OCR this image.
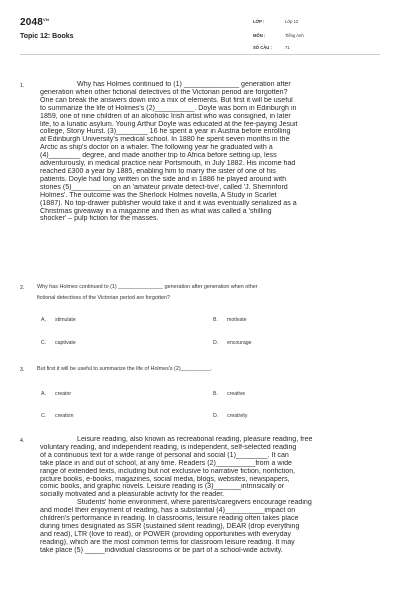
$2048^{VN}$
Topic 12: Books
LỚP :	Lớp 12
MÔN :	Tiếng Anh
SỐ CÂU :	71
1.	Why has Holmes continued to (1) ______________ generation after
generation when other fictional detectives of the Victorian period are forgotten?
One can break the answers down into a mix of elements. But first it will be useful
to summarize the life of Holmes's (2)__________. Doyle was born in Edinburgh in
1859, one of nine children of an alcoholic Irish artist who was consigned, in later
life, to a lunatic asylum. Young Arthur Doyle was educated at the fee-paying Jesuit
college, Stony Hurst. (3)________ 16 he spent a year in Austria before enrolling
at Edinburgh University's medical school. In 1880 he spent seven months in the
Arctic as ship's doctor on a whaler. The following year he graduated with a
(4)________ degree, and made another trip to Africa before setting up, less
adventurously, in medical practice near Portsmouth, in July 1882. His income had
reached £300 a year by 1885, enabling him to marry the sister of one of his
patients. Doyle had long written on the side and in 1886 he played around with
stories (5)__________ on an 'amateur private detect-tive', called 'J. Sherrinford
Holmes'. The outcome was the Sherlock Holmes novella, A Study in Scarlet
(1887). No top-drawer publisher would take it and it was eventually serialized as a
Christmas giveaway in a magazine and then as what was called a 'shilling
shocker' – pulp fiction for the masses.
2. Why has Holmes continued to (1) _______________ generation after generation when other
fictional detectives of the Victorian period are forgotten?
A. stimulate	B. motivate
C. captivate	D. encourage
3. But first it will be useful to summarize the life of Holmes's (2)__________.
A. creator	B. creative
C. creation	D. creativity
4.	Leisure reading, also known as recreational reading, pleasure reading, free
voluntary reading, and independent reading, is independent, self-selected reading
of a continuous text for a wide range of personal and social (1)________. It can
take place in and out of school, at any time. Readers (2)__________from a wide
range of extended texts, including but not exclusive to narrative fiction, nonfiction,
picture books, e-books, magazines, social media, blogs, websites, newspapers,
comic books, and graphic novels. Leisure reading is (3)_______intrinsically or
socially motivated and a pleasurable activity for the reader.
Students' home environment, where parents/caregivers encourage reading
and model their enjoyment of reading, has a substantial (4)__________impact on
children's performance in reading. In classrooms, leisure reading often takes place
during times designated as SSR (sustained silent reading), DEAR (drop everything
and read), LTR (love to read), or POWER (providing opportunities with everyday
reading), which are the most common terms for classroom leisure reading. It may
take place (5) _____individual classrooms or be part of a school-wide activity.
